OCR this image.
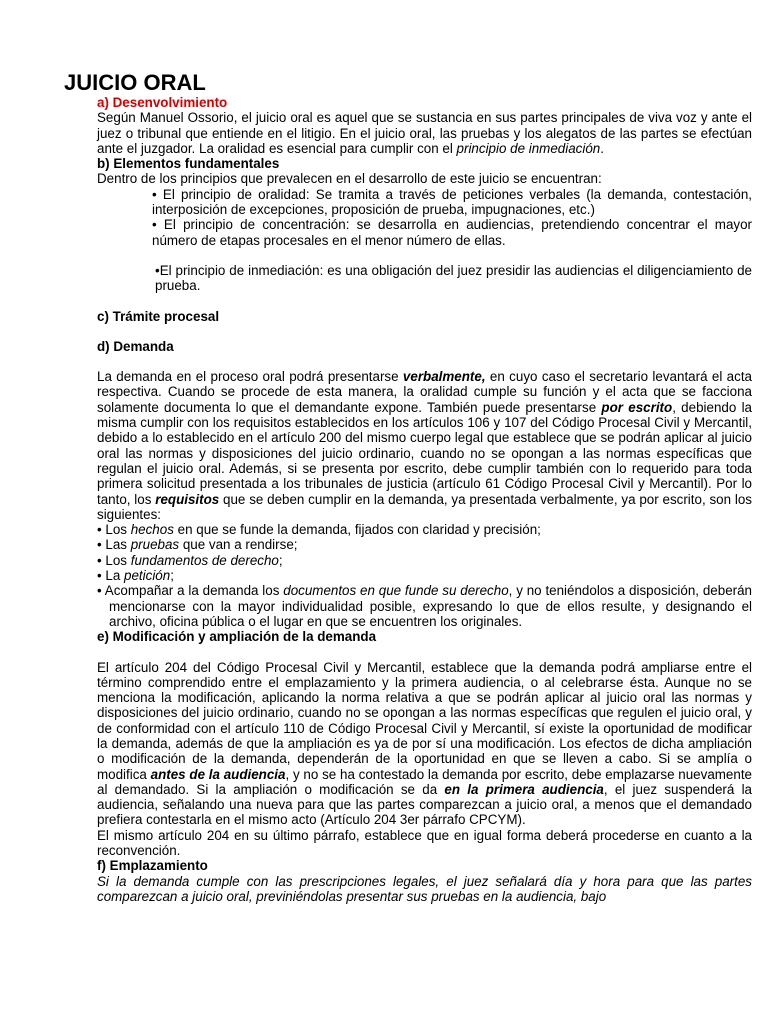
JUICIO ORAL

a) Desenvolvimiento

Según Manuel Ossorio, el juicio oral es aquel que se sustancia en sus partes principales de viva voz y ante el juez o tribunal que entiende en el litigio. En el juicio oral, las pruebas y los alegatos de las partes se efectúan ante el juzgador. La oralidad es esencial para cumplir con el principio de inmediación.

b) Elementos fundamentales

Dentro de los principios que prevalecen en el desarrollo de este juicio se encuentran:

• El principio de oralidad: Se tramita a través de peticiones verbales (la demanda, contestación, interposición de excepciones, proposición de prueba, impugnaciones, etc.)

• El principio de concentración: se desarrolla en audiencias, pretendiendo concentrar el mayor número de etapas procesales en el menor número de ellas.

•El principio de inmediación: es una obligación del juez presidir las audiencias el diligenciamiento de prueba.

c) Trámite procesal

d) Demanda

La demanda en el proceso oral podrá presentarse verbalmente, en cuyo caso el secretario levantará el acta respectiva. Cuando se procede de esta manera, la oralidad cumple su función y el acta que se facciona solamente documenta lo que el demandante expone. También puede presentarse por escrito, debiendo la misma cumplir con los requisitos establecidos en los artículos 106 y 107 del Código Procesal Civil y Mercantil, debido a lo establecido en el artículo 200 del mismo cuerpo legal que establece que se podrán aplicar al juicio oral las normas y disposiciones del juicio ordinario, cuando no se opongan a las normas específicas que regulan el juicio oral. Además, si se presenta por escrito, debe cumplir también con lo requerido para toda primera solicitud presentada a los tribunales de justicia (artículo 61 Código Procesal Civil y Mercantil). Por lo tanto, los requisitos que se deben cumplir en la demanda, ya presentada verbalmente, ya por escrito, son los siguientes:

• Los hechos en que se funde la demanda, fijados con claridad y precisión;

• Las pruebas que van a rendirse;

• Los fundamentos de derecho;

• La petición;

• Acompañar a la demanda los documentos en que funde su derecho, y no teniéndolos a disposición, deberán mencionarse con la mayor individualidad posible, expresando lo que de ellos resulte, y designando el archivo, oficina pública o el lugar en que se encuentren los originales.

e) Modificación y ampliación de la demanda

El artículo 204 del Código Procesal Civil y Mercantil, establece que la demanda podrá ampliarse entre el término comprendido entre el emplazamiento y la primera audiencia, o al celebrarse ésta. Aunque no se menciona la modificación, aplicando la norma relativa a que se podrán aplicar al juicio oral las normas y disposiciones del juicio ordinario, cuando no se opongan a las normas específicas que regulen el juicio oral, y de conformidad con el artículo 110 de Código Procesal Civil y Mercantil, sí existe la oportunidad de modificar la demanda, además de que la ampliación es ya de por sí una modificación. Los efectos de dicha ampliación o modificación de la demanda, dependerán de la oportunidad en que se lleven a cabo. Si se amplía o modifica antes de la audiencia, y no se ha contestado la demanda por escrito, debe emplazarse nuevamente al demandado. Si la ampliación o modificación se da en la primera audiencia, el juez suspenderá la audiencia, señalando una nueva para que las partes comparezcan a juicio oral, a menos que el demandado prefiera contestarla en el mismo acto (Artículo 204 3er párrafo CPCYM).

El mismo artículo 204 en su último párrafo, establece que en igual forma deberá procederse en cuanto a la reconvención.

f) Emplazamiento

Si la demanda cumple con las prescripciones legales, el juez señalará día y hora para que las partes comparezcan a juicio oral, previniéndolas presentar sus pruebas en la audiencia, bajo
